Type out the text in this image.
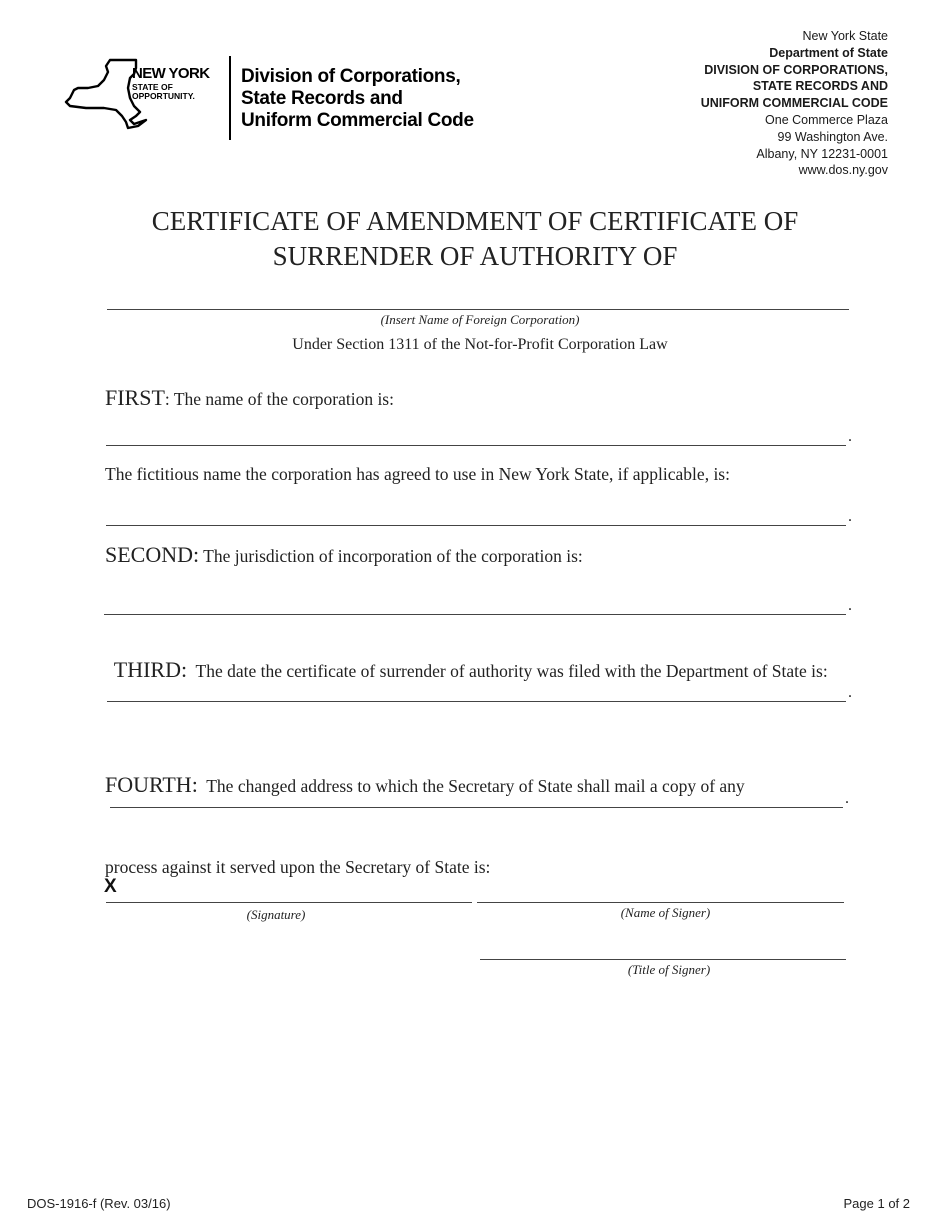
NEW YORK
STATE OF
OPPORTUNITY.
Division of Corporations,
State Records and
Uniform Commercial Code
New York State
Department of State
DIVISION OF CORPORATIONS,
STATE RECORDS AND
UNIFORM COMMERCIAL CODE
One Commerce Plaza
99 Washington Ave.
Albany, NY 12231-0001
www.dos.ny.gov
CERTIFICATE OF AMENDMENT OF CERTIFICATE OF
SURRENDER OF AUTHORITY OF
(Insert Name of Foreign Corporation)
Under Section 1311 of the Not-for-Profit Corporation Law
FIRST: The name of the corporation is:
.
The fictitious name the corporation has agreed to use in New York State, if applicable, is:
.
SECOND: The jurisdiction of incorporation of the corporation is:
.

THIRD:  The date the certificate of surrender of authority was filed with the Department of State is:

.

FOURTH:  The changed address to which the Secretary of State shall mail a copy of any

process against it served upon the Secretary of State is:

.
X
(Signature)	(Name of Signer)
(Title of Signer)
DOS-1916-f (Rev. 03/16)	Page 1 of 2
